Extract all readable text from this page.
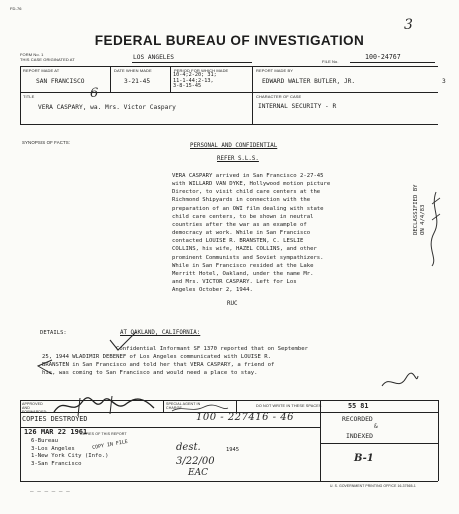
FD-76
3
FEDERAL BUREAU OF INVESTIGATION
FORM No. 1
THIS CASE ORIGINATED AT	LOS ANGELES
FILE No.
100-24767
REPORT MADE AT
SAN FRANCISCO
DATE WHEN MADE
3-21-45
PERIOD FOR WHICH MADE
10-4;2-20; 31;
11-1-44;2-13,
3-8-15-45
REPORT MADE BY
EDWARD WALTER BUTLER, JR.	3
TITLE	6
VERA CASPARY, wa. Mrs. Victor Caspary
CHARACTER OF CASE
INTERNAL SECURITY - R
SYNOPSIS OF FACTS:
PERSONAL AND CONFIDENTIAL
REFER S.L.S.

VERA CASPARY arrived in San Francisco 2-27-45

with WILLARD VAN DYKE, Hollywood motion picture

Director, to visit child care centers at the

Richmond Shipyards in connection with the

preparation of an OWI film dealing with state

child care centers, to be shown in neutral

countries after the war as an example of

democracy at work. While in San Francisco

contacted LOUISE R. BRANSTEN, C. LESLIE

COLLINS, his wife, HAZEL COLLINS, and other

prominent Communists and Soviet sympathizers.

While in San Francisco resided at the Lake

Merritt Hotel, Oakland, under the name Mr.

and Mrs. VICTOR CASPARY. Left for Los

Angeles October 2, 1944.

RUC
DECLASSIFIED BY ON 4/4/83
DETAILS:	AT OAKLAND, CALIFORNIA:
Confidential Informant SF 1370 reported that on September
25, 1944 WLADIMIR DEBENEF of Los Angeles communicated with LOUISE R.
BRANSTEN in San Francisco and told her that VERA CASPARY, a friend of
his, was coming to San Francisco and would need a place to stay.
APPROVED AND FORWARDED:
SPECIAL AGENT IN CHARGE
DO NOT WRITE IN THESE SPACES
COPIES DESTROYED
126 MAR 22 1961
COPIES OF THIS REPORT
6-Bureau
3-Los Angeles
1-New York City (Info.)
3-San Francisco
100 - 227416 - 46
COPY IN FILE	dest.
3/22/00
EAC
1945
55 81
RECORDED
&
INDEXED
B-1
U. S. GOVERNMENT PRINTING OFFICE 16-37565-1
— — — — — —
